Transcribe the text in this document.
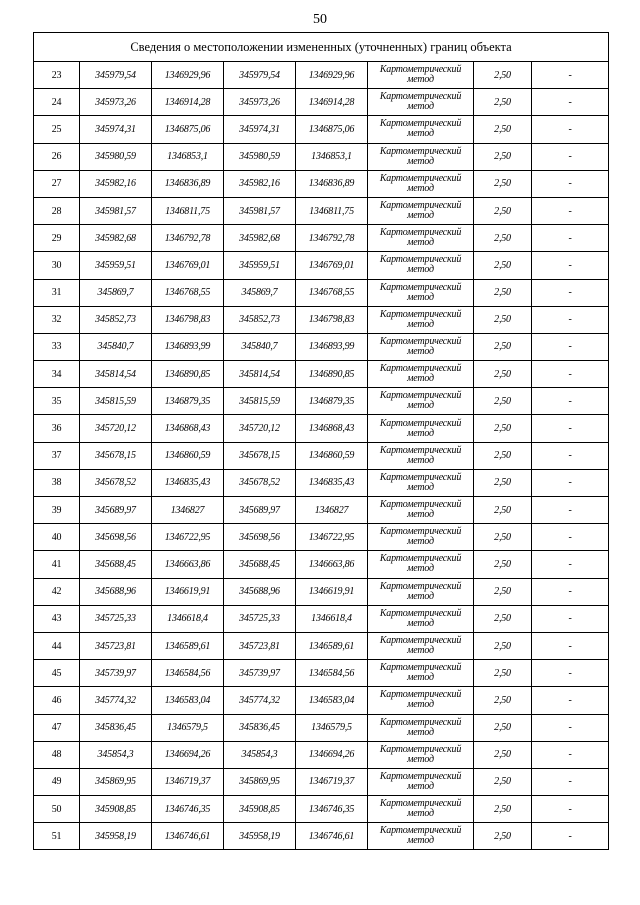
50
Сведения о местоположении измененных (уточненных) границ объекта							
23	345979,54	1346929,96	345979,54	1346929,96	Картометрический
метод	2,50	-
24	345973,26	1346914,28	345973,26	1346914,28	Картометрический
метод	2,50	-
25	345974,31	1346875,06	345974,31	1346875,06	Картометрический
метод	2,50	-
26	345980,59	1346853,1	345980,59	1346853,1	Картометрический
метод	2,50	-
27	345982,16	1346836,89	345982,16	1346836,89	Картометрический
метод	2,50	-
28	345981,57	1346811,75	345981,57	1346811,75	Картометрический
метод	2,50	-
29	345982,68	1346792,78	345982,68	1346792,78	Картометрический
метод	2,50	-
30	345959,51	1346769,01	345959,51	1346769,01	Картометрический
метод	2,50	-
31	345869,7	1346768,55	345869,7	1346768,55	Картометрический
метод	2,50	-
32	345852,73	1346798,83	345852,73	1346798,83	Картометрический
метод	2,50	-
33	345840,7	1346893,99	345840,7	1346893,99	Картометрический
метод	2,50	-
34	345814,54	1346890,85	345814,54	1346890,85	Картометрический
метод	2,50	-
35	345815,59	1346879,35	345815,59	1346879,35	Картометрический
метод	2,50	-
36	345720,12	1346868,43	345720,12	1346868,43	Картометрический
метод	2,50	-
37	345678,15	1346860,59	345678,15	1346860,59	Картометрический
метод	2,50	-
38	345678,52	1346835,43	345678,52	1346835,43	Картометрический
метод	2,50	-
39	345689,97	1346827	345689,97	1346827	Картометрический
метод	2,50	-
40	345698,56	1346722,95	345698,56	1346722,95	Картометрический
метод	2,50	-
41	345688,45	1346663,86	345688,45	1346663,86	Картометрический
метод	2,50	-
42	345688,96	1346619,91	345688,96	1346619,91	Картометрический
метод	2,50	-
43	345725,33	1346618,4	345725,33	1346618,4	Картометрический
метод	2,50	-
44	345723,81	1346589,61	345723,81	1346589,61	Картометрический
метод	2,50	-
45	345739,97	1346584,56	345739,97	1346584,56	Картометрический
метод	2,50	-
46	345774,32	1346583,04	345774,32	1346583,04	Картометрический
метод	2,50	-
47	345836,45	1346579,5	345836,45	1346579,5	Картометрический
метод	2,50	-
48	345854,3	1346694,26	345854,3	1346694,26	Картометрический
метод	2,50	-
49	345869,95	1346719,37	345869,95	1346719,37	Картометрический
метод	2,50	-
50	345908,85	1346746,35	345908,85	1346746,35	Картометрический
метод	2,50	-
51	345958,19	1346746,61	345958,19	1346746,61	Картометрический
метод	2,50	-
